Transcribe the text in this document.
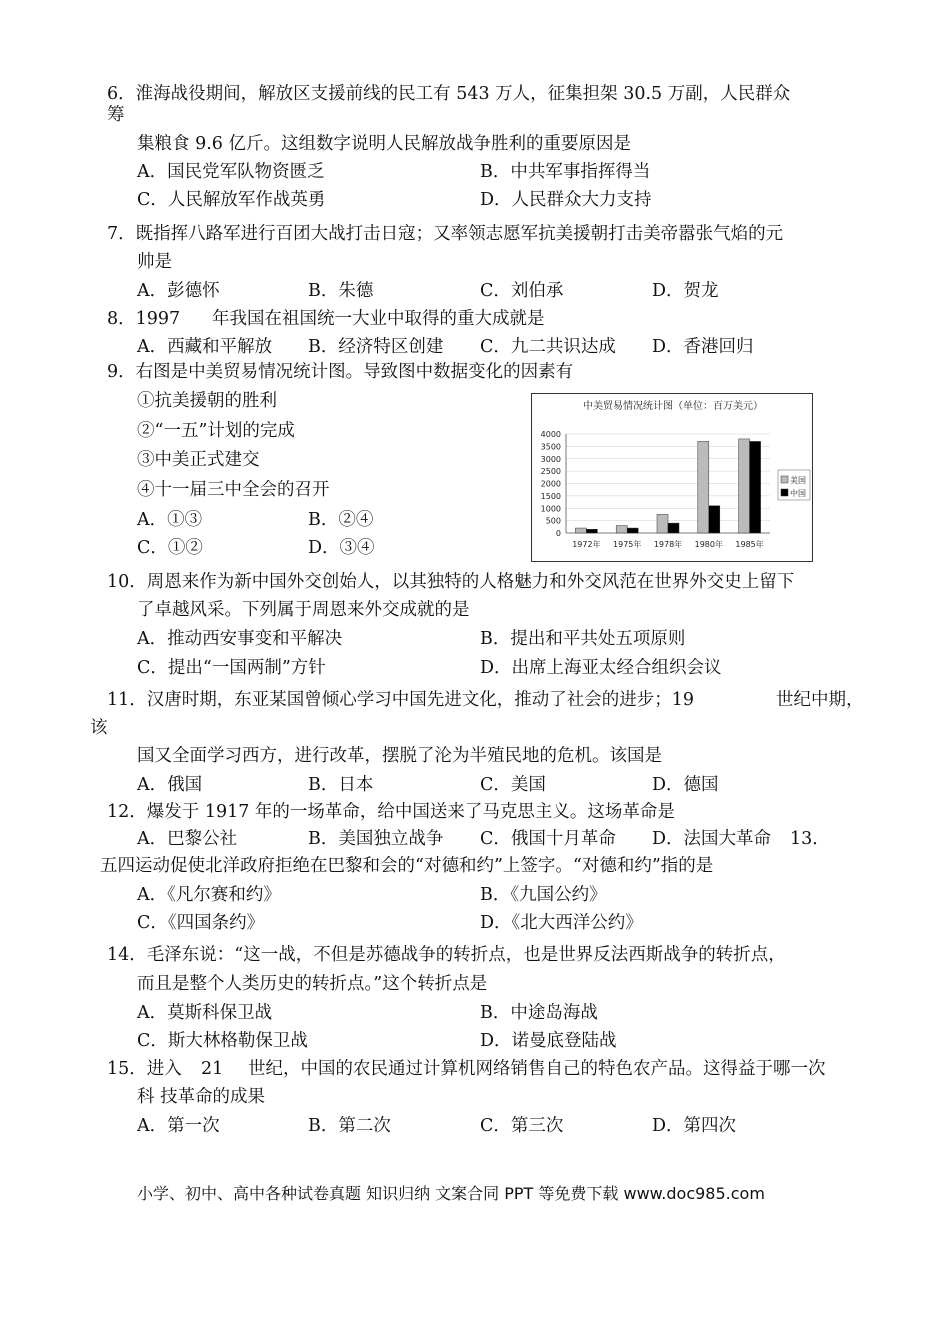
6．淮海战役期间，解放区支援前线的民工有 543 万人，征集担架 30.5 万副，人民群众
筹
集粮食 9.6 亿斤。这组数字说明人民解放战争胜利的重要原因是
A．国民党军队物资匮乏	B．中共军事指挥得当
C．人民解放军作战英勇	D．人民群众大力支持
7．既指挥八路军进行百团大战打击日寇；又率领志愿军抗美援朝打击美帝嚣张气焰的元
帅是
A．彭德怀	B．朱德	C．刘伯承	D．贺龙
8．1997 年我国在祖国统一大业中取得的重大成就是
A．西藏和平解放 B．经济特区创建 C．九二共识达成 D．香港回归
9．右图是中美贸易情况统计图。导致图中数据变化的因素有
①抗美援朝的胜利
②“一五”计划的完成
③中美正式建交
④十一届三中全会的召开
A．①③	B．②④
C．①②	D．③④
中美贸易情况统计图（单位：百万美元）
4000
3500
3000
2500
2000
1500
1000
500
0
1972年 1975年 1978年 1980年 1985年
美国
中国
10．周恩来作为新中国外交创始人，以其独特的人格魅力和外交风范在世界外交史上留下
了卓越风采。下列属于周恩来外交成就的是
A．推动西安事变和平解决	B．提出和平共处五项原则
C．提出“一国两制”方针	D．出席上海亚太经合组织会议
11．汉唐时期，东亚某国曾倾心学习中国先进文化，推动了社会的进步；19	世纪中期，
该
国又全面学习西方，进行改革，摆脱了沦为半殖民地的危机。该国是
A．俄国	B．日本	C．美国	D．德国
12．爆发于 1917 年的一场革命，给中国送来了马克思主义。这场革命是
A．巴黎公社	B．美国独立战争 C．俄国十月革命 D．法国大革命 13．
五四运动促使北洋政府拒绝在巴黎和会的“对德和约”上签字。“对德和约”指的是
A．《凡尔赛和约》	B．《九国公约》
C．《四国条约》	D．《北大西洋公约》
14．毛泽东说：“这一战，不但是苏德战争的转折点，也是世界反法西斯战争的转折点，
而且是整个人类历史的转折点。”这个转折点是
A．莫斯科保卫战	B．中途岛海战
C．斯大林格勒保卫战	D．诺曼底登陆战
15．进入 21 世纪，中国的农民通过计算机网络销售自己的特色农产品。这得益于哪一次
科 技革命的成果
A．第一次	B．第二次	C．第三次	D．第四次
小学、初中、高中各种试卷真题 知识归纳 文案合同 PPT 等免费下载 www.doc985.com
